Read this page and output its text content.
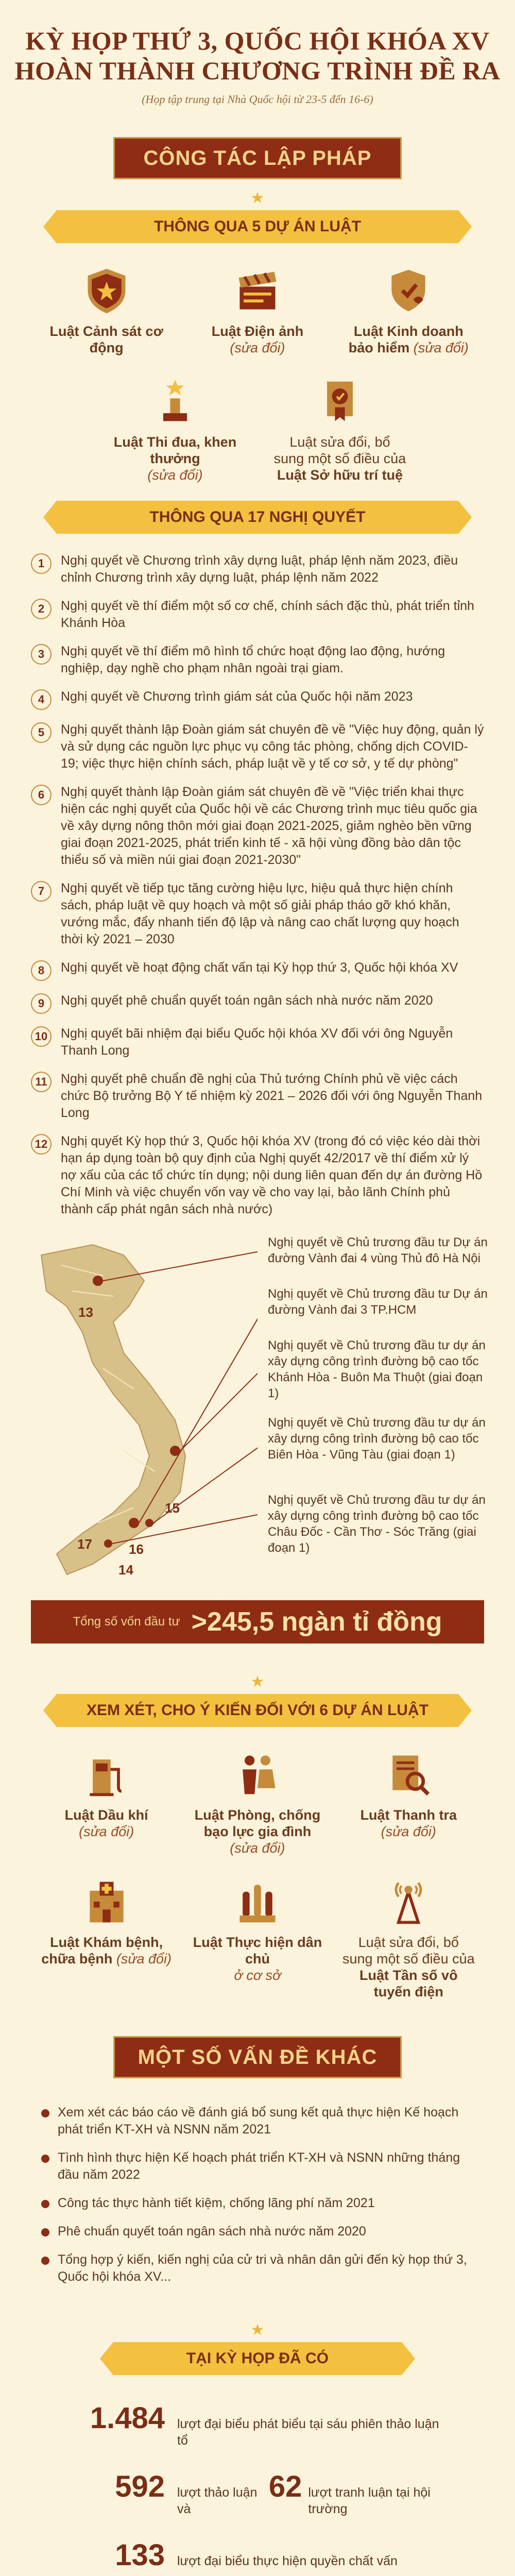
KỲ HỌP THỨ 3, QUỐC HỘI KHÓA XV
HOÀN THÀNH CHƯƠNG TRÌNH ĐỀ RA
(Họp tập trung tại Nhà Quốc hội từ 23-5 đến 16-6)
CÔNG TÁC LẬP PHÁP
★
THÔNG QUA 5 DỰ ÁN LUẬT
Luật Cảnh sát cơ động
Luật Điện ảnh
(sửa đổi)
Luật Kinh doanh bảo hiểm (sửa đổi)
Luật Thi đua, khen thưởng
(sửa đổi)
Luật sửa đổi, bổ sung một số điều của
Luật Sở hữu trí tuệ
THÔNG QUA 17 NGHỊ QUYẾT
1	Nghị quyết về Chương trình xây dựng luật, pháp lệnh năm 2023, điều chỉnh Chương trình xây dựng luật, pháp lệnh năm 2022

2	Nghị quyết về thí điểm một số cơ chế, chính sách đặc thù, phát triển tỉnh Khánh Hòa

3	Nghị quyết về thí điểm mô hình tổ chức hoạt động lao động, hướng nghiệp, dạy nghề cho phạm nhân ngoài trại giam.

4	Nghị quyết về Chương trình giám sát của Quốc hội năm 2023

5	Nghị quyết thành lập Đoàn giám sát chuyên đề về "Việc huy động, quản lý và sử dụng các nguồn lực phục vụ công tác phòng, chống dịch COVID-19; việc thực hiện chính sách, pháp luật về y tế cơ sở, y tế dự phòng"

6	Nghị quyết thành lập Đoàn giám sát chuyên đề về "Việc triển khai thực hiện các nghị quyết của Quốc hội về các Chương trình mục tiêu quốc gia về xây dựng nông thôn mới giai đoạn 2021-2025, giảm nghèo bền vững giai đoạn 2021-2025, phát triển kinh tế - xã hội vùng đồng bào dân tộc thiểu số và miền núi giai đoạn 2021-2030"

7	Nghị quyết về tiếp tục tăng cường hiệu lực, hiệu quả thực hiện chính sách, pháp luật về quy hoạch và một số giải pháp tháo gỡ khó khăn, vướng mắc, đẩy nhanh tiến độ lập và nâng cao chất lượng quy hoạch thời kỳ 2021 – 2030

8	Nghị quyết về hoạt động chất vấn tại Kỳ họp thứ 3, Quốc hội khóa XV

9	Nghị quyết phê chuẩn quyết toán ngân sách nhà nước năm 2020

10	Nghị quyết bãi nhiệm đại biểu Quốc hội khóa XV đối với ông Nguyễn Thanh Long

11	Nghị quyết phê chuẩn đề nghị của Thủ tướng Chính phủ về việc cách chức Bộ trưởng Bộ Y tế nhiệm kỳ 2021 – 2026 đối với ông Nguyễn Thanh Long

12	Nghị quyết Kỳ họp thứ 3, Quốc hội khóa XV (trong đó có việc kéo dài thời hạn áp dụng toàn bộ quy định của Nghị quyết 42/2017 về thí điểm xử lý nợ xấu của các tổ chức tín dụng; nội dung liên quan đến dự án đường Hồ Chí Minh và việc chuyển vốn vay về cho vay lại, bảo lãnh Chính phủ thành cấp phát ngân sách nhà nước)

13
15
16
17
14
Nghị quyết về Chủ trương đầu tư Dự án đường Vành đai 4 vùng Thủ đô Hà Nội
Nghị quyết về Chủ trương đầu tư Dự án đường Vành đai 3 TP.HCM
Nghị quyết về Chủ trương đầu tư dự án xây dựng công trình đường bộ cao tốc Khánh Hòa - Buôn Ma Thuột (giai đoạn 1)
Nghị quyết về Chủ trương đầu tư dự án xây dựng công trình đường bộ cao tốc Biên Hòa - Vũng Tàu (giai đoạn 1)
Nghị quyết về Chủ trương đầu tư dự án xây dựng công trình đường bộ cao tốc Châu Đốc - Cần Thơ - Sóc Trăng (giai đoạn 1)
Tổng số vốn đầu tư >245,5 ngàn tỉ đồng
★
XEM XÉT, CHO Ý KIẾN ĐỐI VỚI 6 DỰ ÁN LUẬT
Luật Dầu khí
(sửa đổi)
Luật Phòng, chống bạo lực gia đình (sửa đổi)
Luật Thanh tra
(sửa đổi)
Luật Khám bệnh, chữa bệnh (sửa đổi)
Luật Thực hiện dân chủ
ở cơ sở
Luật sửa đổi, bổ sung một số điều của
Luật Tần số vô tuyến điện
MỘT SỐ VẤN ĐỀ KHÁC

Xem xét các báo cáo về đánh giá bổ sung kết quả thực hiện Kế hoạch phát triển KT-XH và NSNN năm 2021

Tình hình thực hiện Kế hoạch phát triển KT-XH và NSNN những tháng đầu năm 2022

Công tác thực hành tiết kiệm, chống lãng phí năm 2021

Phê chuẩn quyết toán ngân sách nhà nước năm 2020

Tổng hợp ý kiến, kiến nghị của cử tri và nhân dân gửi đến kỳ họp thứ 3, Quốc hội khóa XV...

★
TẠI KỲ HỌP ĐÃ CÓ
1.484 lượt đại biểu phát biểu tại sáu phiên thảo luận tổ
592 lượt thảo luận và
62 lượt tranh luận tại hội trường
133 lượt đại biểu thực hiện quyền chất vấn
